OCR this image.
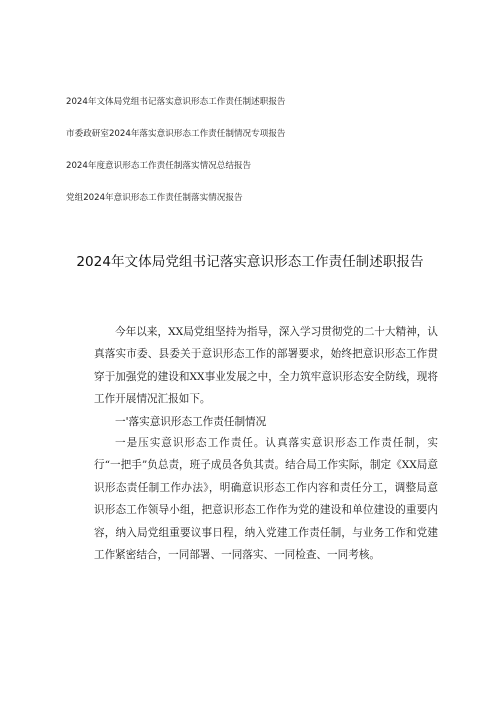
2024年文体局党组书记落实意识形态工作责任制述职报告
市委政研室2024年落实意识形态工作责任制情况专项报告
2024年度意识形态工作责任制落实情况总结报告
党组2024年意识形态工作责任制落实情况报告
2024年文体局党组书记落实意识形态工作责任制述职报告
今年以来，XX局党组坚持为指导，深入学习贯彻党的二十大精神，认真落实市委、县委关于意识形态工作的部署要求，始终把意识形态工作贯穿于加强党的建设和XX事业发展之中，全力筑牢意识形态安全防线，现将工作开展情况汇报如下。
一'落实意识形态工作责任制情况
一是压实意识形态工作责任。认真落实意识形态工作责任制，实行“一把手”负总责，班子成员各负其责。结合局工作实际，制定《XX局意识形态责任制工作办法》，明确意识形态工作内容和责任分工，调整局意识形态工作领导小组，把意识形态工作作为党的建设和单位建设的重要内容，纳入局党组重要议事日程，纳入党建工作责任制，与业务工作和党建工作紧密结合，一同部署、一同落实、一同检查、一同考核。
